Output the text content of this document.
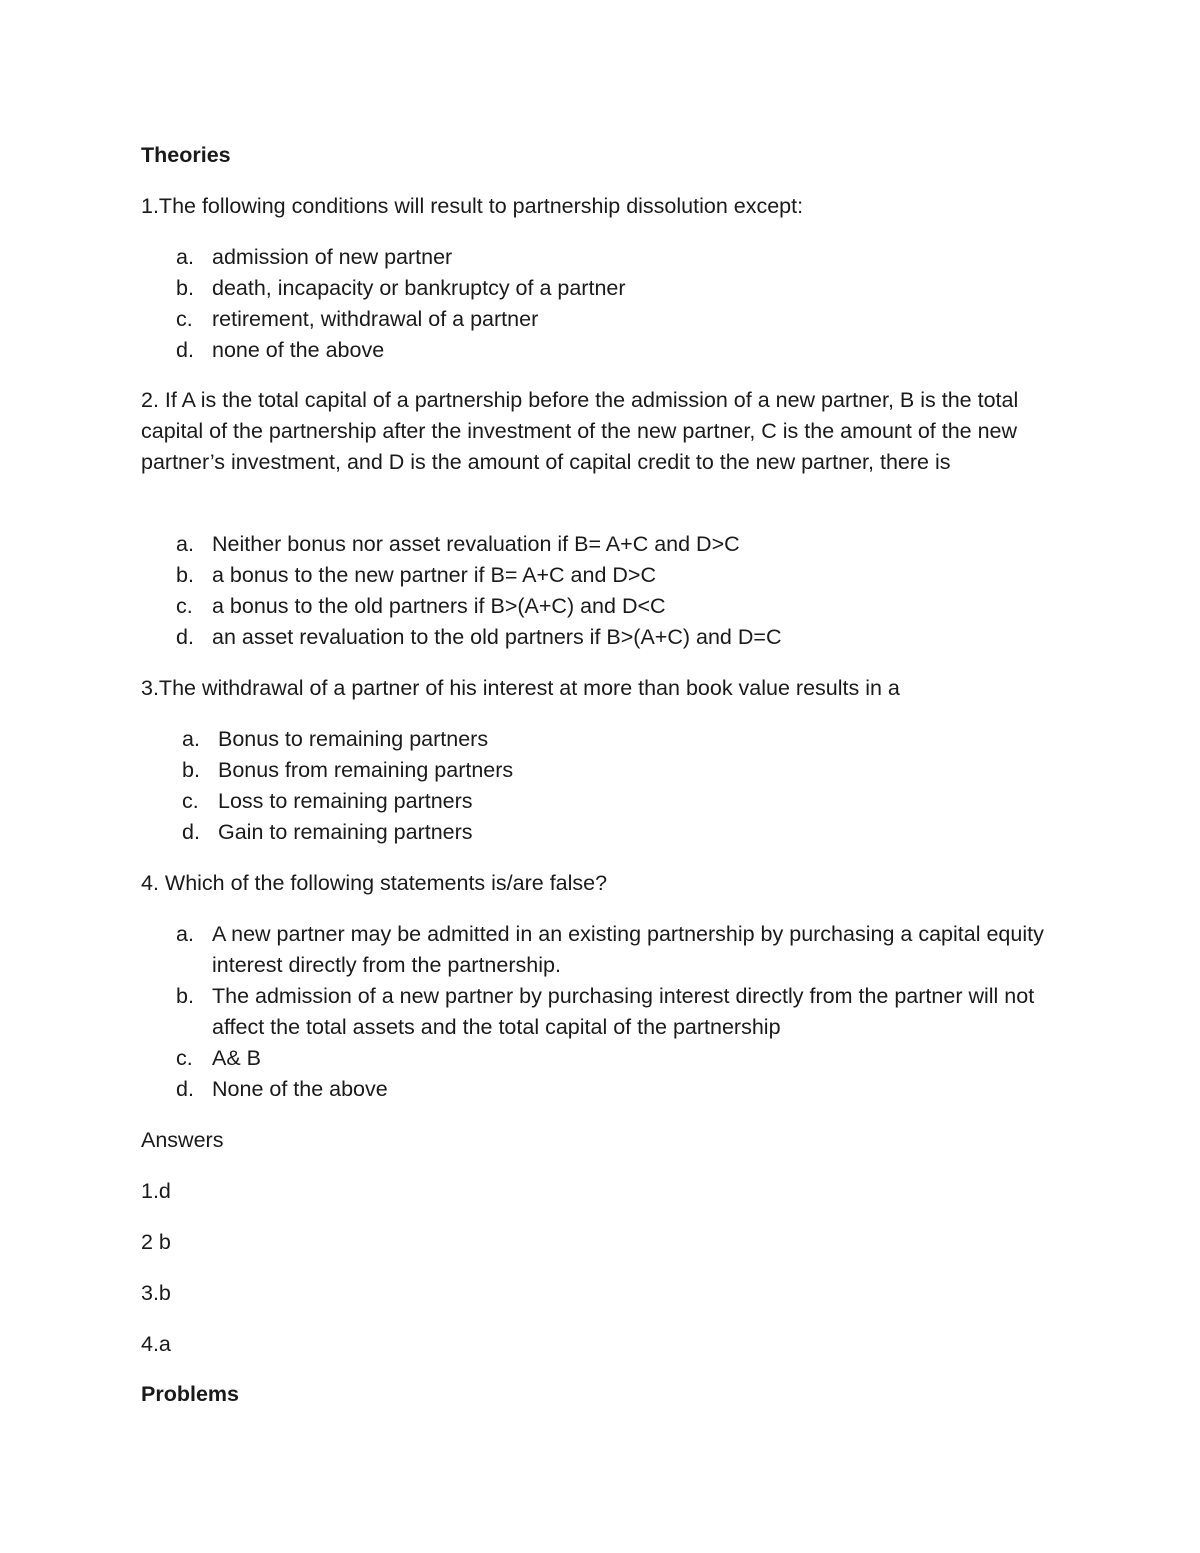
Theories
1.The following conditions will result to partnership dissolution except:
a. admission of new partner
b. death, incapacity or bankruptcy of a partner
c. retirement, withdrawal of a partner
d. none of the above
2. If A is the total capital of a partnership before the admission of a new partner, B is the total capital of the partnership after the investment of the new partner, C is the amount of the new partner’s investment, and D is the amount of capital credit to the new partner, there is
a. Neither bonus nor asset revaluation if B= A+C and D>C
b. a bonus to the new partner if B= A+C and D>C
c. a bonus to the old partners if B>(A+C) and D<C
d. an asset revaluation to the old partners if B>(A+C) and D=C
3.The withdrawal of a partner of his interest at more than book value results in a
a. Bonus to remaining partners
b. Bonus from remaining partners
c. Loss to remaining partners
d. Gain to remaining partners
4. Which of the following statements is/are false?
a. A new partner may be admitted in an existing partnership by purchasing a capital equity interest directly from the partnership.
b. The admission of a new partner by purchasing interest directly from the partner will not affect the total assets and the total capital of the partnership
c. A& B
d. None of the above
Answers
1.d
2 b
3.b
4.a
Problems
